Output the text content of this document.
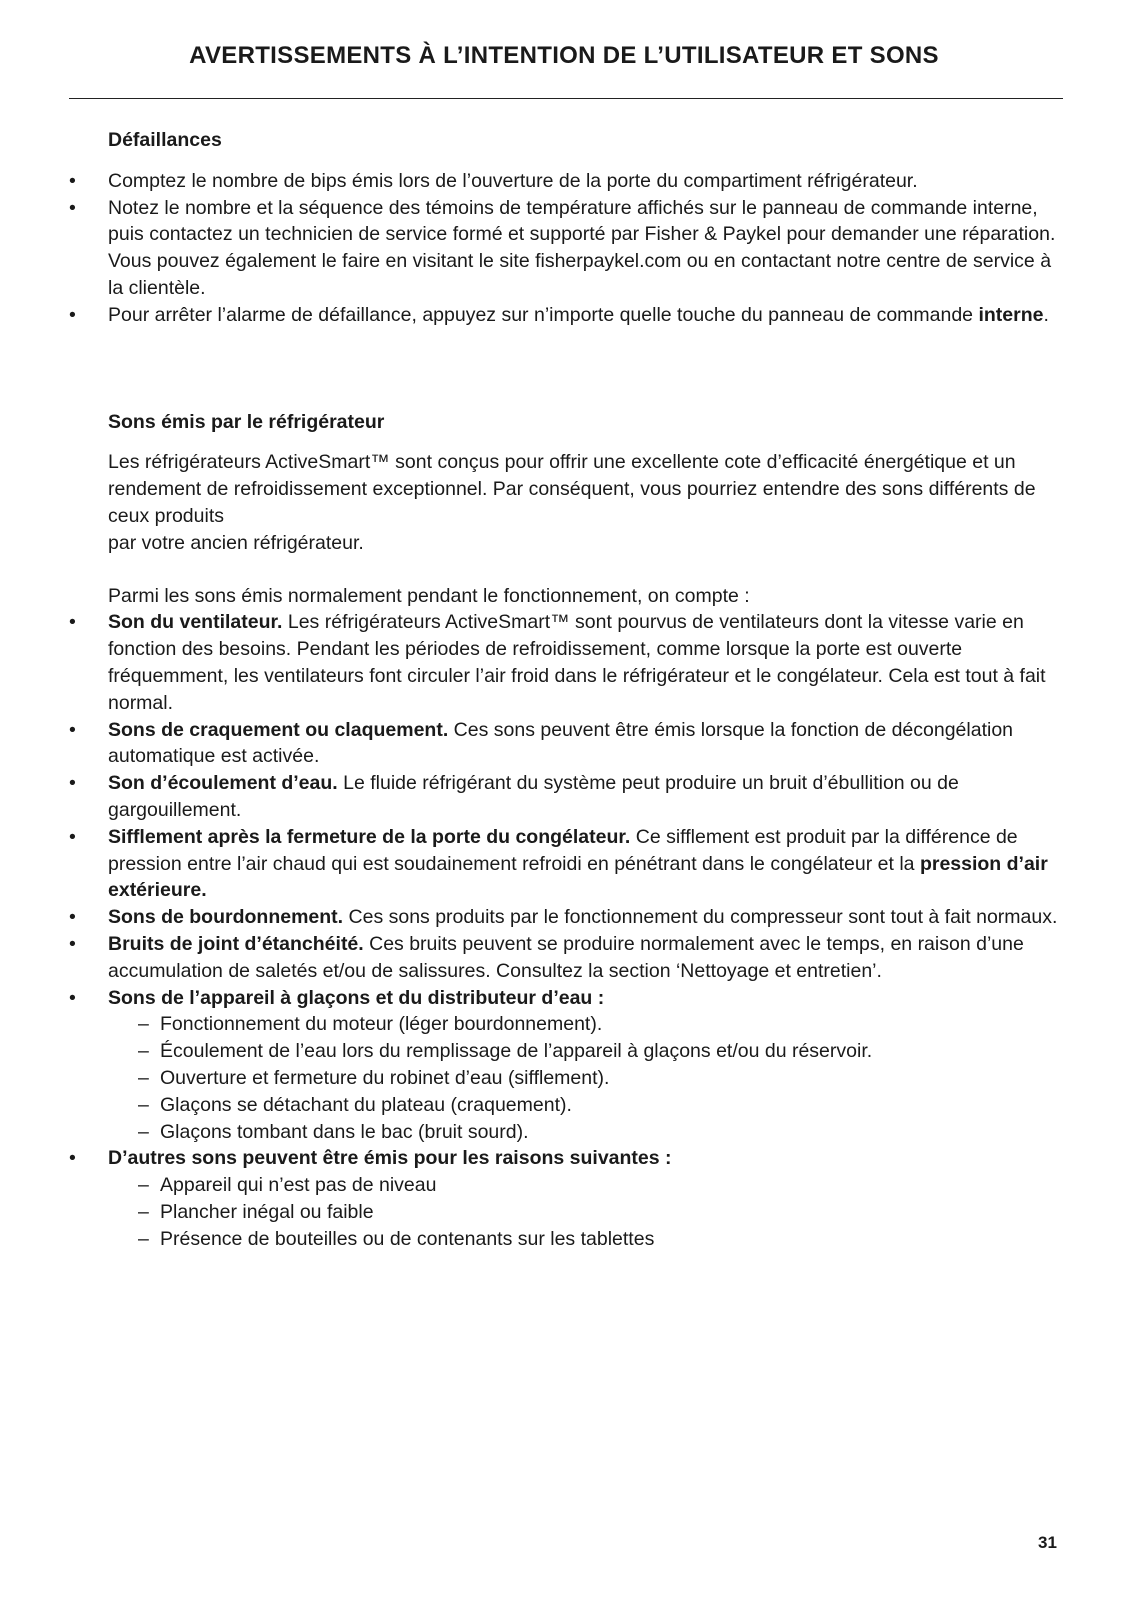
AVERTISSEMENTS À L’INTENTION DE L’UTILISATEUR ET SONS
Défaillances
•	Comptez le nombre de bips émis lors de l’ouverture de la porte du compartiment réfrigérateur.
•	Notez le nombre et la séquence des témoins de température affichés sur le panneau de commande interne, puis contactez un technicien de service formé et supporté par Fisher & Paykel pour demander une réparation. Vous pouvez également le faire en visitant le site fisherpaykel.com ou en contactant notre centre de service à la clientèle.
•	Pour arrêter l’alarme de défaillance, appuyez sur n’importe quelle touche du panneau de commande interne.
Sons émis par le réfrigérateur
Les réfrigérateurs ActiveSmart™ sont conçus pour offrir une excellente cote d’efficacité énergétique et un rendement de refroidissement exceptionnel. Par conséquent, vous pourriez entendre des sons différents de ceux produits
par votre ancien réfrigérateur.
Parmi les sons émis normalement pendant le fonctionnement, on compte :
•	Son du ventilateur. Les réfrigérateurs ActiveSmart™ sont pourvus de ventilateurs dont la vitesse varie en fonction des besoins. Pendant les périodes de refroidissement, comme lorsque la porte est ouverte fréquemment, les ventilateurs font circuler l’air froid dans le réfrigérateur et le congélateur. Cela est tout à fait normal.
•	Sons de craquement ou claquement. Ces sons peuvent être émis lorsque la fonction de décongélation automatique est activée.
•	Son d’écoulement d’eau. Le fluide réfrigérant du système peut produire un bruit d’ébullition ou de gargouillement.
•	Sifflement après la fermeture de la porte du congélateur. Ce sifflement est produit par la différence de pression entre l’air chaud qui est soudainement refroidi en pénétrant dans le congélateur et la pression d’air extérieure.
•	Sons de bourdonnement. Ces sons produits par le fonctionnement du compresseur sont tout à fait normaux.
•	Bruits de joint d’étanchéité. Ces bruits peuvent se produire normalement avec le temps, en raison d’une accumulation de saletés et/ou de salissures. Consultez la section ‘Nettoyage et entretien’.
•	Sons de l’appareil à glaçons et du distributeur d’eau :
– Fonctionnement du moteur (léger bourdonnement).
– Écoulement de l’eau lors du remplissage de l’appareil à glaçons et/ou du réservoir.
– Ouverture et fermeture du robinet d’eau (sifflement).
– Glaçons se détachant du plateau (craquement).
– Glaçons tombant dans le bac (bruit sourd).
•	D’autres sons peuvent être émis pour les raisons suivantes :
– Appareil qui n’est pas de niveau
– Plancher inégal ou faible
– Présence de bouteilles ou de contenants sur les tablettes
31
